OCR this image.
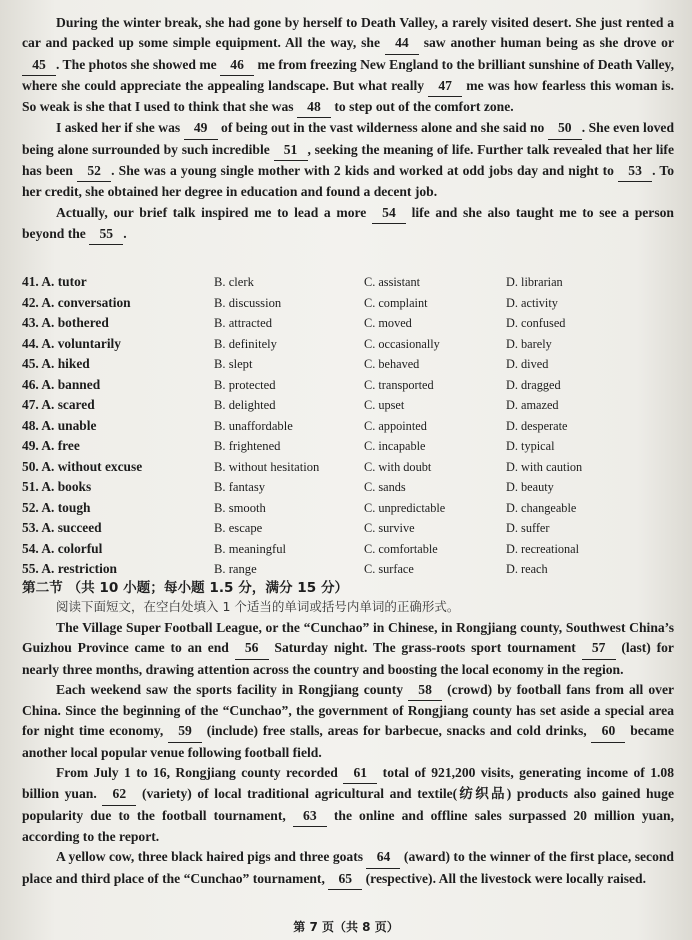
During the winter break, she had gone by herself to Death Valley, a rarely visited desert. She just rented a car and packed up some simple equipment. All the way, she 44 saw another human being as she drove or 45 . The photos she showed me 46 me from freezing New England to the brilliant sunshine of Death Valley, where she could appreciate the appealing landscape. But what really 47 me was how fearless this woman is. So weak is she that I used to think that she was 48 to step out of the comfort zone.

I asked her if she was 49 of being out in the vast wilderness alone and she said no 50 . She even loved being alone surrounded by such incredible 51 , seeking the meaning of life. Further talk revealed that her life has been 52 . She was a young single mother with 2 kids and worked at odd jobs day and night to 53 . To her credit, she obtained her degree in education and found a decent job.

Actually, our brief talk inspired me to lead a more 54 life and she also taught me to see a person beyond the 55 .

41. A. tutor	B. clerk	C. assistant	D. librarian
42. A. conversation	B. discussion	C. complaint	D. activity
43. A. bothered	B. attracted	C. moved	D. confused
44. A. voluntarily	B. definitely	C. occasionally	D. barely
45. A. hiked	B. slept	C. behaved	D. dived
46. A. banned	B. protected	C. transported	D. dragged
47. A. scared	B. delighted	C. upset	D. amazed
48. A. unable	B. unaffordable	C. appointed	D. desperate
49. A. free	B. frightened	C. incapable	D. typical
50. A. without excuse	B. without hesitation	C. with doubt	D. with caution
51. A. books	B. fantasy	C. sands	D. beauty
52. A. tough	B. smooth	C. unpredictable	D. changeable
53. A. succeed	B. escape	C. survive	D. suffer
54. A. colorful	B. meaningful	C. comfortable	D. recreational
55. A. restriction	B. range	C. surface	D. reach
第二节 （共 10 小题；每小题 1.5 分，满分 15 分）
阅读下面短文，在空白处填入 1 个适当的单词或括号内单词的正确形式。

The Village Super Football League, or the “Cunchao” in Chinese, in Rongjiang county, Southwest China’s Guizhou Province came to an end 56 Saturday night. The grass-roots sport tournament 57 (last) for nearly three months, drawing attention across the country and boosting the local economy in the region.

Each weekend saw the sports facility in Rongjiang county 58 (crowd) by football fans from all over China. Since the beginning of the “Cunchao”, the government of Rongjiang county has set aside a special area for night time economy, 59 (include) free stalls, areas for barbecue, snacks and cold drinks, 60 became another local popular venue following football field.

From July 1 to 16, Rongjiang county recorded 61 total of 921,200 visits, generating income of 1.08 billion yuan. 62 (variety) of local traditional agricultural and textile(纺织品) products also gained huge popularity due to the football tournament, 63 the online and offline sales surpassed 20 million yuan, according to the report.

A yellow cow, three black haired pigs and three goats 64 (award) to the winner of the first place, second place and third place of the “Cunchao” tournament, 65 (respective). All the livestock were locally raised.

第 7 页（共 8 页）
